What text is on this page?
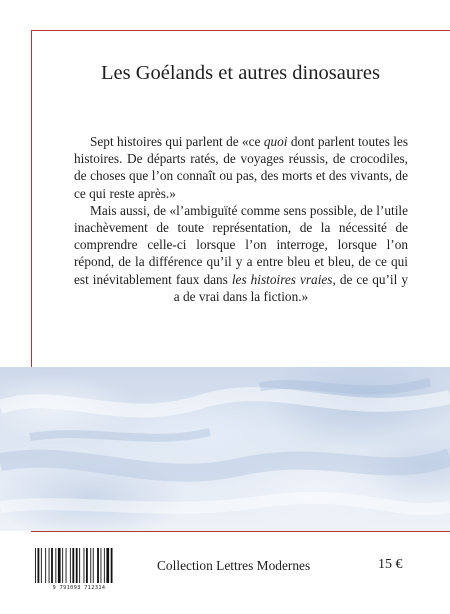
Les Goélands et autres dinosaures

Sept histoires qui parlent de «ce quoi dont parlent toutes les histoires. De départs ratés, de voyages réussis, de crocodiles, de choses que l’on connaît ou pas, des morts et des vivants, de ce qui reste après.»

Mais aussi, de «l’ambiguïté comme sens possible, de l’utile inachèvement de toute représentation, de la nécessité de comprendre celle-ci lorsque l’on interroge, lorsque l’on répond, de la différence qu’il y a entre bleu et bleu, de ce qui est inévitablement faux dans les histoires vraies, de ce qu’il y a de vrai dans la fiction.»

9 791093 712314
Collection Lettres Modernes	15 €
